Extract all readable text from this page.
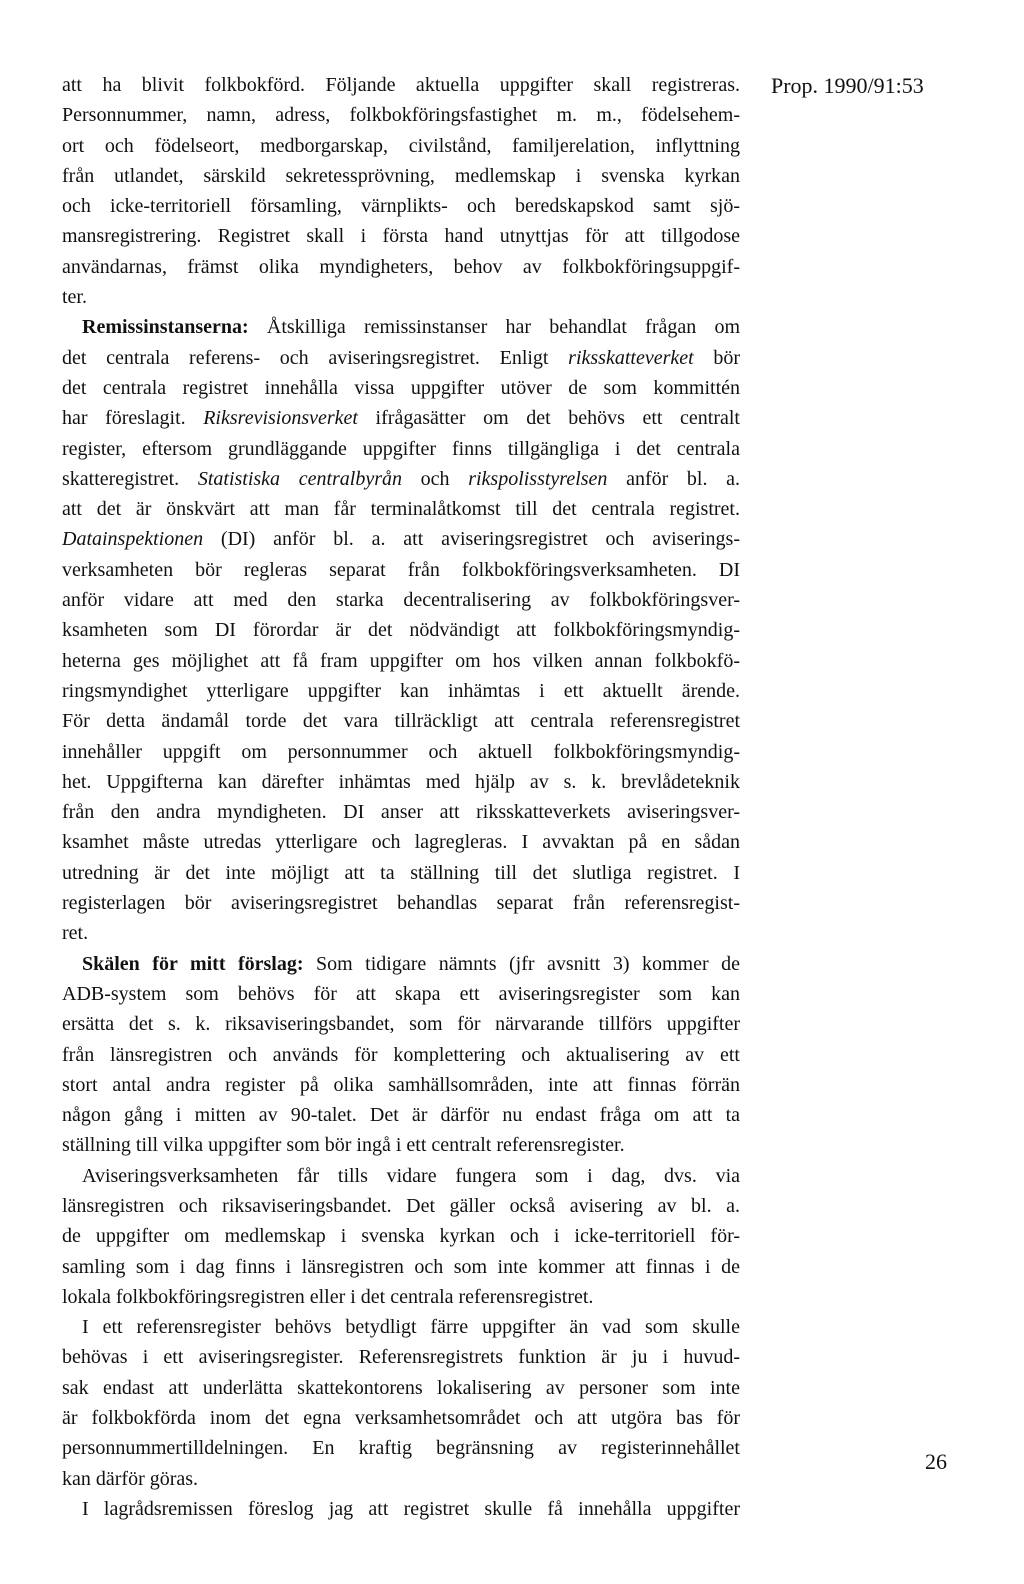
Prop. 1990/91:53
26
att ha blivit folkbokförd. Följande aktuella uppgifter skall registreras.
Personnummer, namn, adress, folkbokföringsfastighet m. m., födelsehem-
ort och födelseort, medborgarskap, civilstånd, familjerelation, inflyttning
från utlandet, särskild sekretessprövning, medlemskap i svenska kyrkan
och icke-territoriell församling, värnplikts- och beredskapskod samt sjö-
mansregistrering. Registret skall i första hand utnyttjas för att tillgodose
användarnas, främst olika myndigheters, behov av folkbokföringsuppgif-
ter.
Remissinstanserna: Åtskilliga remissinstanser har behandlat frågan om
det centrala referens- och aviseringsregistret. Enligt riksskatteverket bör
det centrala registret innehålla vissa uppgifter utöver de som kommittén
har föreslagit. Riksrevisionsverket ifrågasätter om det behövs ett centralt
register, eftersom grundläggande uppgifter finns tillgängliga i det centrala
skatteregistret. Statistiska centralbyrån och rikspolisstyrelsen anför bl. a.
att det är önskvärt att man får terminalåtkomst till det centrala registret.
Datainspektionen (DI) anför bl. a. att aviseringsregistret och aviserings-
verksamheten bör regleras separat från folkbokföringsverksamheten. DI
anför vidare att med den starka decentralisering av folkbokföringsver-
ksamheten som DI förordar är det nödvändigt att folkbokföringsmyndig-
heterna ges möjlighet att få fram uppgifter om hos vilken annan folkbokfö-
ringsmyndighet ytterligare uppgifter kan inhämtas i ett aktuellt ärende.
För detta ändamål torde det vara tillräckligt att centrala referensregistret
innehåller uppgift om personnummer och aktuell folkbokföringsmyndig-
het. Uppgifterna kan därefter inhämtas med hjälp av s. k. brevlådeteknik
från den andra myndigheten. DI anser att riksskatteverkets aviseringsver-
ksamhet måste utredas ytterligare och lagregleras. I avvaktan på en sådan
utredning är det inte möjligt att ta ställning till det slutliga registret. I
registerlagen bör aviseringsregistret behandlas separat från referensregist-
ret.
Skälen för mitt förslag: Som tidigare nämnts (jfr avsnitt 3) kommer de
ADB-system som behövs för att skapa ett aviseringsregister som kan
ersätta det s. k. riksaviseringsbandet, som för närvarande tillförs uppgifter
från länsregistren och används för komplettering och aktualisering av ett
stort antal andra register på olika samhällsområden, inte att finnas förrän
någon gång i mitten av 90-talet. Det är därför nu endast fråga om att ta
ställning till vilka uppgifter som bör ingå i ett centralt referensregister.
Aviseringsverksamheten får tills vidare fungera som i dag, dvs. via
länsregistren och riksaviseringsbandet. Det gäller också avisering av bl. a.
de uppgifter om medlemskap i svenska kyrkan och i icke-territoriell för-
samling som i dag finns i länsregistren och som inte kommer att finnas i de
lokala folkbokföringsregistren eller i det centrala referensregistret.
I ett referensregister behövs betydligt färre uppgifter än vad som skulle
behövas i ett aviseringsregister. Referensregistrets funktion är ju i huvud-
sak endast att underlätta skattekontorens lokalisering av personer som inte
är folkbokförda inom det egna verksamhetsområdet och att utgöra bas för
personnummertilldelningen. En kraftig begränsning av registerinnehållet
kan därför göras.
I lagrådsremissen föreslog jag att registret skulle få innehålla uppgifter
